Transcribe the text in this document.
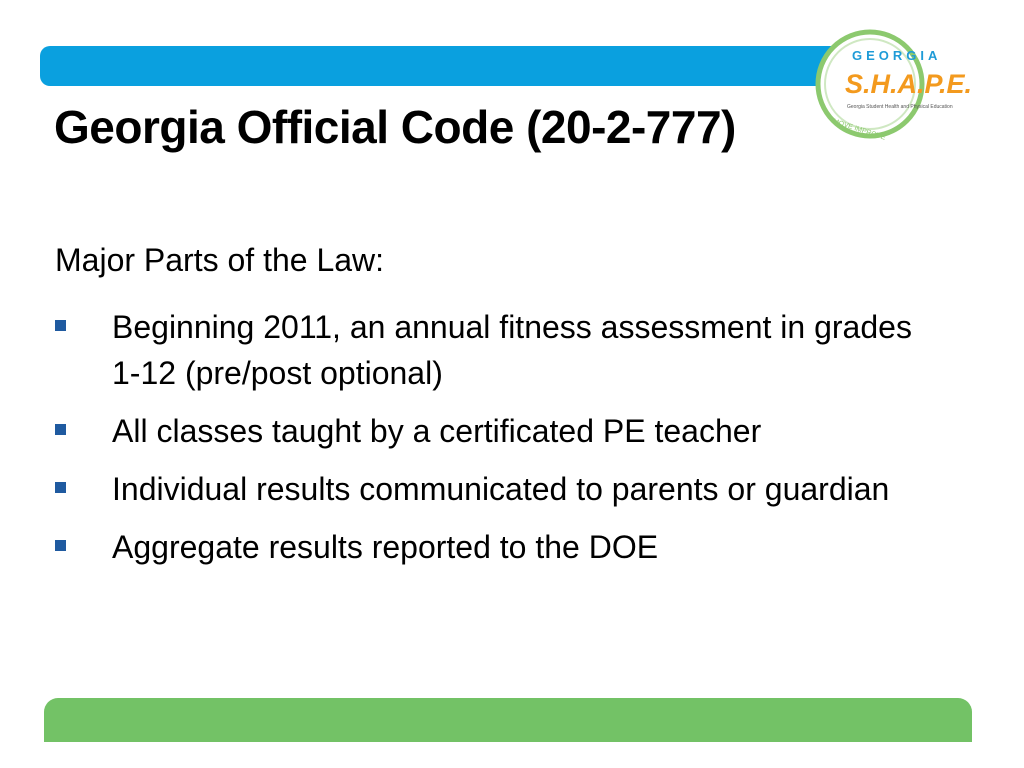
GEORGIA
S.H.A.P.E.
Georgia Student Health and Physical Education
MOVE IMPROVE
Georgia Official Code (20-2-777)
Major Parts of the Law:
Beginning 2011, an annual fitness assessment in grades 1-12 (pre/post optional)
All classes taught by a certificated PE teacher
Individual results communicated to parents or guardian
Aggregate results reported to the DOE
